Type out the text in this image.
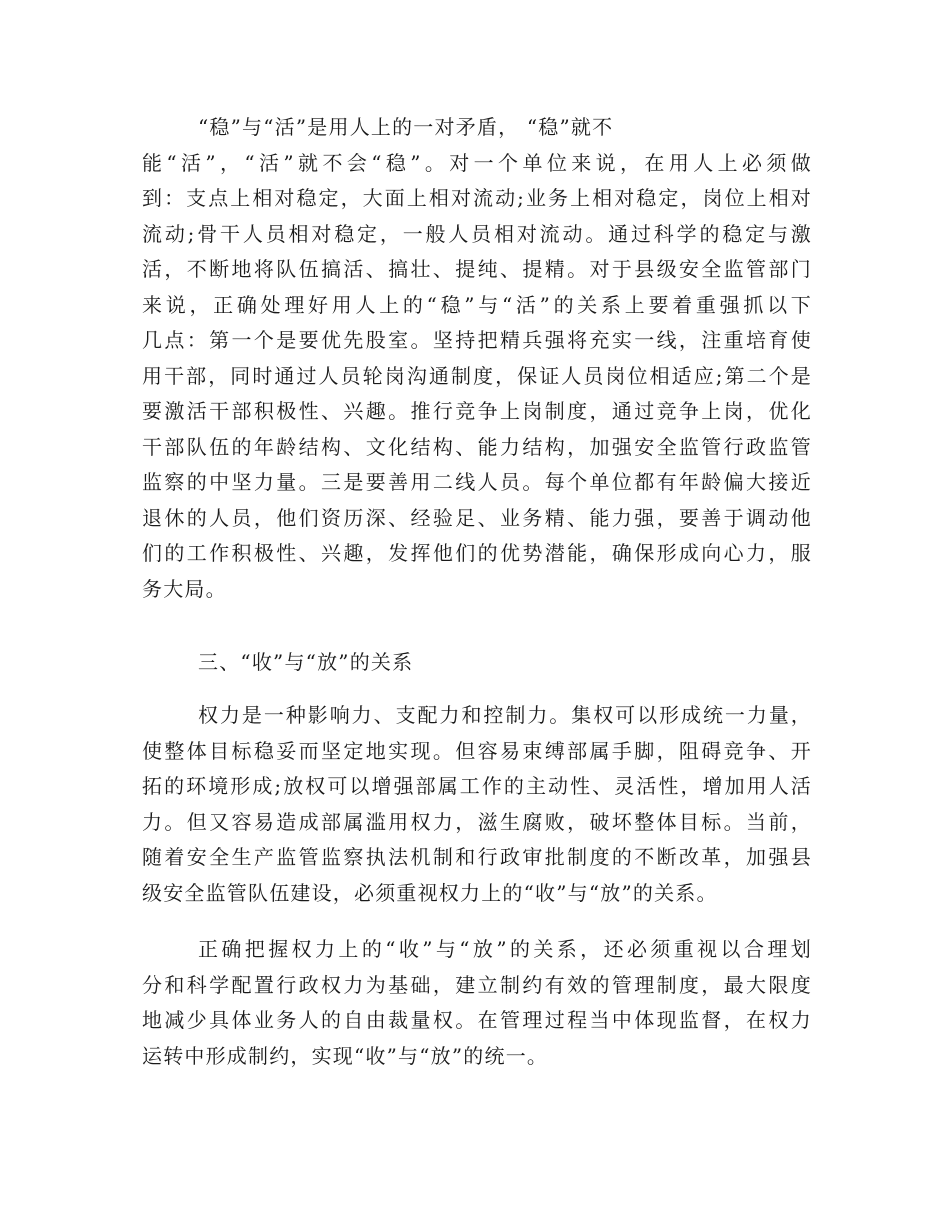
“稳”与“活”是用人上的一对矛盾， “稳”就不
能“活”，“活”就不会“稳”。对一个单位来说，在用人上必须做
到：支点上相对稳定，大面上相对流动;业务上相对稳定，岗位上相对
流动;骨干人员相对稳定，一般人员相对流动。通过科学的稳定与激
活，不断地将队伍搞活、搞壮、提纯、提精。对于县级安全监管部门
来说，正确处理好用人上的“稳”与“活”的关系上要着重强抓以下
几点：第一个是要优先股室。坚持把精兵强将充实一线，注重培育使
用干部，同时通过人员轮岗沟通制度，保证人员岗位相适应;第二个是
要激活干部积极性、兴趣。推行竞争上岗制度，通过竞争上岗，优化
干部队伍的年龄结构、文化结构、能力结构，加强安全监管行政监管
监察的中坚力量。三是要善用二线人员。每个单位都有年龄偏大接近
退休的人员，他们资历深、经验足、业务精、能力强，要善于调动他
们的工作积极性、兴趣，发挥他们的优势潜能，确保形成向心力，服
务大局。
三、“收”与“放”的关系
权力是一种影响力、支配力和控制力。集权可以形成统一力量，
使整体目标稳妥而坚定地实现。但容易束缚部属手脚，阻碍竞争、开
拓的环境形成;放权可以增强部属工作的主动性、灵活性，增加用人活
力。但又容易造成部属滥用权力，滋生腐败，破坏整体目标。当前，
随着安全生产监管监察执法机制和行政审批制度的不断改革，加强县
级安全监管队伍建设，必须重视权力上的“收”与“放”的关系。
正确把握权力上的“收”与“放”的关系，还必须重视以合理划
分和科学配置行政权力为基础，建立制约有效的管理制度，最大限度
地减少具体业务人的自由裁量权。在管理过程当中体现监督，在权力
运转中形成制约，实现“收”与“放”的统一。
